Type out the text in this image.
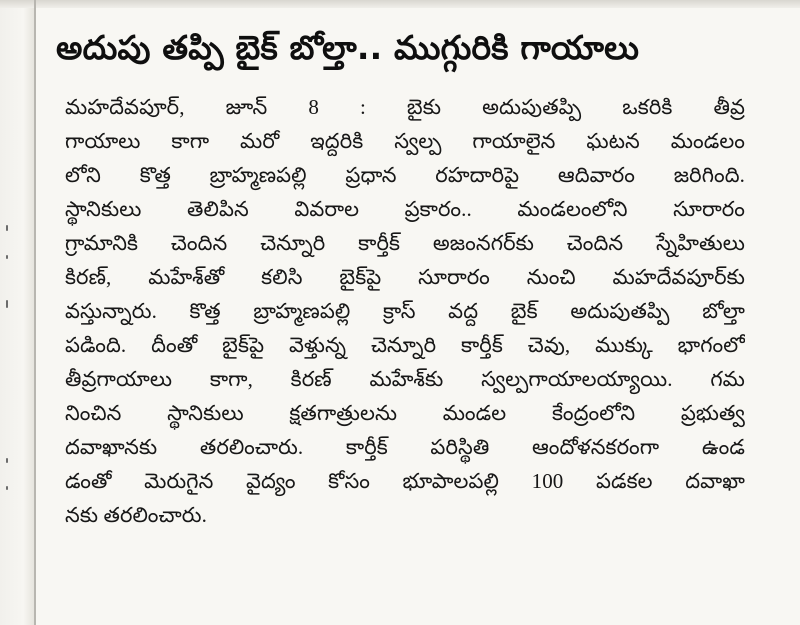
అదుపు తప్పి బైక్ బోల్తా.. ముగ్గురికి గాయాలు
మహదేవపూర్, జూన్ 8 : బైకు అదుపుతప్పి ఒకరికి తీవ్ర
గాయాలు కాగా మరో ఇద్దరికి స్వల్ప గాయాలైన ఘటన మండలం
లోని కొత్త బ్రాహ్మణపల్లి ప్రధాన రహదారిపై ఆదివారం జరిగింది.
స్థానికులు తెలిపిన వివరాల ప్రకారం.. మండలంలోని సూరారం
గ్రామానికి చెందిన చెన్నూరి కార్తీక్ అజంనగర్‌కు చెందిన స్నేహితులు
కిరణ్, మహేశ్‌తో కలిసి బైక్‌పై సూరారం నుంచి మహదేవపూర్‌కు
వస్తున్నారు. కొత్త బ్రాహ్మణపల్లి క్రాస్ వద్ద బైక్ అదుపుతప్పి బోల్తా
పడింది. దీంతో బైక్‌పై వెళ్తున్న చెన్నూరి కార్తీక్ చెవు, ముక్కు భాగంలో
తీవ్రగాయాలు కాగా, కిరణ్ మహేశ్‌కు స్వల్పగాయాలయ్యాయి. గమ
నించిన స్థానికులు క్షతగాత్రులను మండల కేంద్రంలోని ప్రభుత్వ
దవాఖానకు తరలించారు. కార్తీక్ పరిస్థితి ఆందోళనకరంగా ఉండ
డంతో మెరుగైన వైద్యం కోసం భూపాలపల్లి 100 పడకల దవాఖా
నకు తరలించారు.
